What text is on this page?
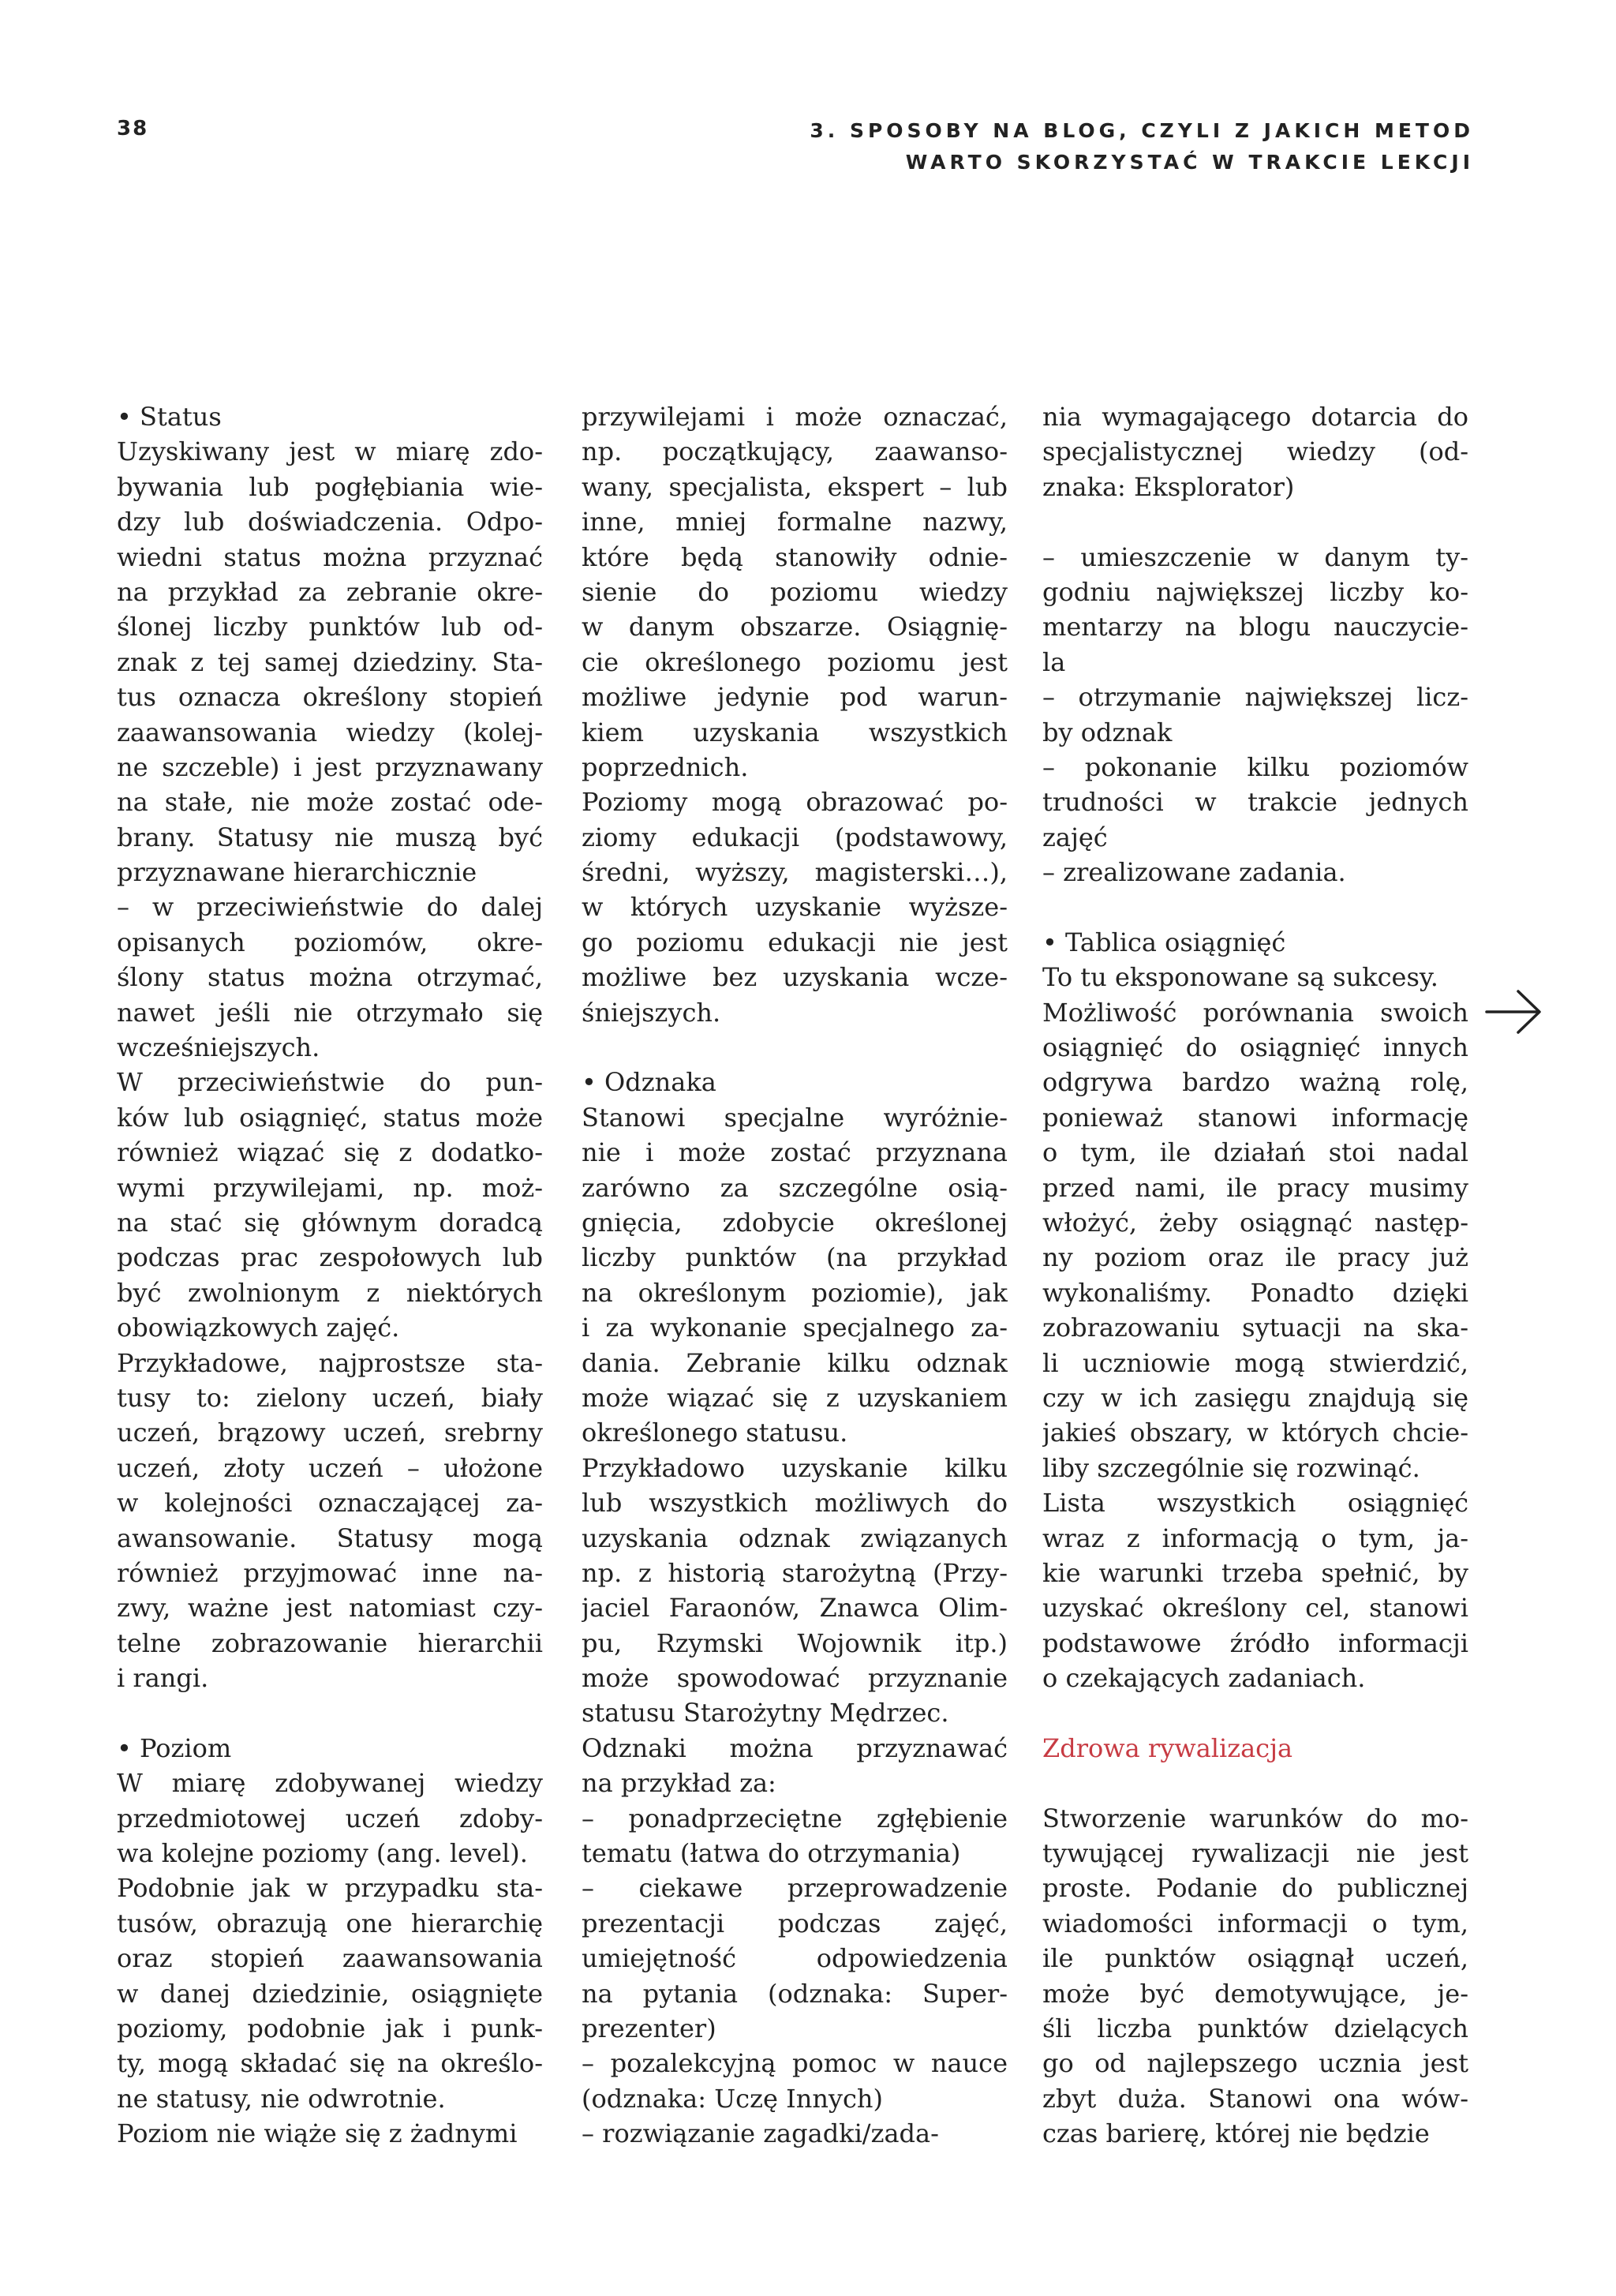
38	3. SPOSOBY NA BLOG, CZYLI Z JAKICH METOD
WARTO SKORZYSTAĆ W TRAKCIE LEKCJI
• Status
Uzyskiwany jest w miarę zdo-
bywania lub pogłębiania wie-
dzy lub doświadczenia. Odpo-
wiedni status można przyznać
na przykład za zebranie okre-
ślonej liczby punktów lub od-
znak z tej samej dziedziny. Sta-
tus oznacza określony stopień
zaawansowania wiedzy (kolej-
ne szczeble) i jest przyznawany
na stałe, nie może zostać ode-
brany. Statusy nie muszą być
przyznawane hierarchicznie
– w przeciwieństwie do dalej
opisanych poziomów, okre-
ślony status można otrzymać,
nawet jeśli nie otrzymało się
wcześniejszych.
W przeciwieństwie do pun-
ków lub osiągnięć, status może
również wiązać się z dodatko-
wymi przywilejami, np. moż-
na stać się głównym doradcą
podczas prac zespołowych lub
być zwolnionym z niektórych
obowiązkowych zajęć.
Przykładowe, najprostsze sta-
tusy to: zielony uczeń, biały
uczeń, brązowy uczeń, srebrny
uczeń, złoty uczeń – ułożone
w kolejności oznaczającej za-
awansowanie. Statusy mogą
również przyjmować inne na-
zwy, ważne jest natomiast czy-
telne zobrazowanie hierarchii
i rangi.
• Poziom
W miarę zdobywanej wiedzy
przedmiotowej uczeń zdoby-
wa kolejne poziomy (ang. level).
Podobnie jak w przypadku sta-
tusów, obrazują one hierarchię
oraz stopień zaawansowania
w danej dziedzinie, osiągnięte
poziomy, podobnie jak i punk-
ty, mogą składać się na określo-
ne statusy, nie odwrotnie.
Poziom nie wiąże się z żadnymi
przywilejami i może oznaczać,
np. początkujący, zaawanso-
wany, specjalista, ekspert – lub
inne, mniej formalne nazwy,
które będą stanowiły odnie-
sienie do poziomu wiedzy
w danym obszarze. Osiągnię-
cie określonego poziomu jest
możliwe jedynie pod warun-
kiem uzyskania wszystkich
poprzednich.
Poziomy mogą obrazować po-
ziomy edukacji (podstawowy,
średni, wyższy, magisterski…),
w których uzyskanie wyższe-
go poziomu edukacji nie jest
możliwe bez uzyskania wcze-
śniejszych.
• Odznaka
Stanowi specjalne wyróżnie-
nie i może zostać przyznana
zarówno za szczególne osią-
gnięcia, zdobycie określonej
liczby punktów (na przykład
na określonym poziomie), jak
i za wykonanie specjalnego za-
dania. Zebranie kilku odznak
może wiązać się z uzyskaniem
określonego statusu.
Przykładowo uzyskanie kilku
lub wszystkich możliwych do
uzyskania odznak związanych
np. z historią starożytną (Przy-
jaciel Faraonów, Znawca Olim-
pu, Rzymski Wojownik itp.)
może spowodować przyznanie
statusu Starożytny Mędrzec.
Odznaki można przyznawać
na przykład za:
– ponadprzeciętne zgłębienie
tematu (łatwa do otrzymania)
– ciekawe przeprowadzenie
prezentacji podczas zajęć,
umiejętność odpowiedzenia
na pytania (odznaka: Super-
prezenter)
– pozalekcyjną pomoc w nauce
(odznaka: Uczę Innych)
– rozwiązanie zagadki/zada-
nia wymagającego dotarcia do
specjalistycznej wiedzy (od-
znaka: Eksplorator)
– umieszczenie w danym ty-
godniu największej liczby ko-
mentarzy na blogu nauczycie-
la
– otrzymanie największej licz-
by odznak
– pokonanie kilku poziomów
trudności w trakcie jednych
zajęć
– zrealizowane zadania.
• Tablica osiągnięć
To tu eksponowane są sukcesy.
Możliwość porównania swoich
osiągnięć do osiągnięć innych
odgrywa bardzo ważną rolę,
ponieważ stanowi informację
o tym, ile działań stoi nadal
przed nami, ile pracy musimy
włożyć, żeby osiągnąć następ-
ny poziom oraz ile pracy już
wykonaliśmy. Ponadto dzięki
zobrazowaniu sytuacji na ska-
li uczniowie mogą stwierdzić,
czy w ich zasięgu znajdują się
jakieś obszary, w których chcie-
liby szczególnie się rozwinąć.
Lista wszystkich osiągnięć
wraz z informacją o tym, ja-
kie warunki trzeba spełnić, by
uzyskać określony cel, stanowi
podstawowe źródło informacji
o czekających zadaniach.
Zdrowa rywalizacja
Stworzenie warunków do mo-
tywującej rywalizacji nie jest
proste. Podanie do publicznej
wiadomości informacji o tym,
ile punktów osiągnął uczeń,
może być demotywujące, je-
śli liczba punktów dzielących
go od najlepszego ucznia jest
zbyt duża. Stanowi ona wów-
czas barierę, której nie będzie
